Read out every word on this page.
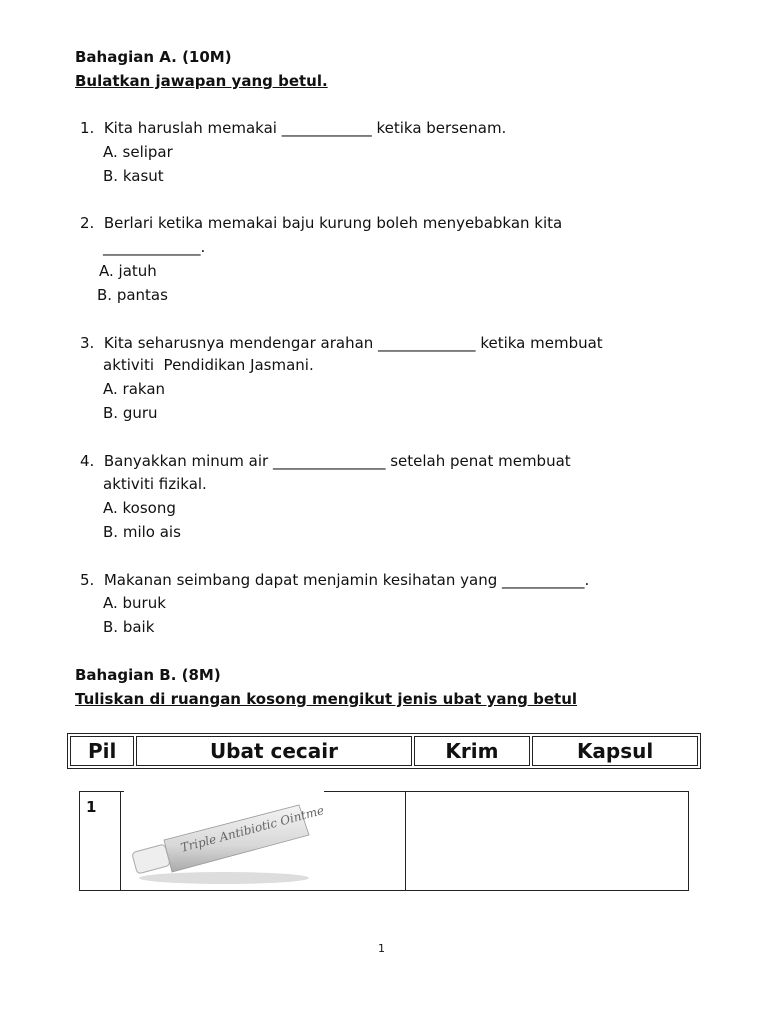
Bahagian A. (10M)
Bulatkan jawapan yang betul.
1.  Kita haruslah memakai ____________ ketika bersenam.
A. selipar
B. kasut
2.  Berlari ketika memakai baju kurung boleh menyebabkan kita
_____________.
A. jatuh
B. pantas
3.  Kita seharusnya mendengar arahan _____________ ketika membuat
aktiviti  Pendidikan Jasmani.
A. rakan
B. guru
4.  Banyakkan minum air _______________ setelah penat membuat
aktiviti fizikal.
A. kosong
B. milo ais
5.  Makanan seimbang dapat menjamin kesihatan yang ___________.
A. buruk
B. baik
Bahagian B. (8M)
Tuliskan di ruangan kosong mengikut jenis ubat yang betul
Pil	Ubat cecair	Krim	Kapsul
1	Triple Antibiotic Ointment
1
